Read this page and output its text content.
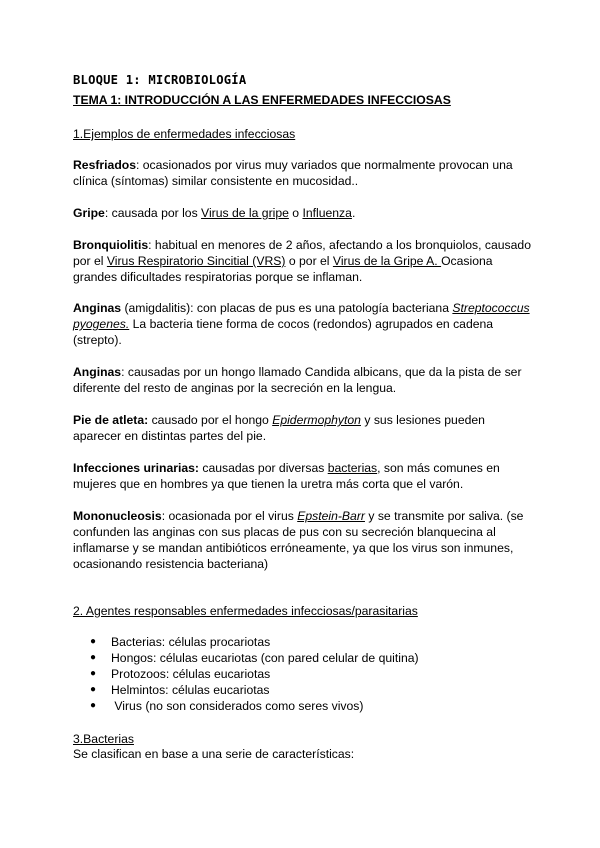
BLOQUE 1: MICROBIOLOGÍA
TEMA 1: INTRODUCCIÓN A LAS ENFERMEDADES INFECCIOSAS
1.Ejemplos de enfermedades infecciosas

Resfriados: ocasionados por virus muy variados que normalmente provocan una clínica (síntomas) similar consistente en mucosidad..

Gripe: causada por los Virus de la gripe o Influenza.

Bronquiolitis: habitual en menores de 2 años, afectando a los bronquiolos, causado por el Virus Respiratorio Sincitial (VRS) o por el Virus de la Gripe A. Ocasiona grandes dificultades respiratorias porque se inflaman.

Anginas (amigdalitis): con placas de pus es una patología bacteriana Streptococcus pyogenes. La bacteria tiene forma de cocos (redondos) agrupados en cadena (strepto).

Anginas: causadas por un hongo llamado Candida albicans, que da la pista de ser diferente del resto de anginas por la secreción en la lengua.

Pie de atleta: causado por el hongo Epidermophyton y sus lesiones pueden aparecer en distintas partes del pie.

Infecciones urinarias: causadas por diversas bacterias, son más comunes en mujeres que en hombres ya que tienen la uretra más corta que el varón.

Mononucleosis: ocasionada por el virus Epstein-Barr y se transmite por saliva. (se confunden las anginas con sus placas de pus con su secreción blanquecina al inflamarse y se mandan antibióticos erróneamente, ya que los virus son inmunes, ocasionando resistencia bacteriana)

2. Agentes responsables enfermedades infecciosas/parasitarias
● Bacterias: células procariotas
● Hongos: células eucariotas (con pared celular de quitina)
● Protozoos: células eucariotas
● Helmintos: células eucariotas
● Virus (no son considerados como seres vivos)
3.Bacterias
Se clasifican en base a una serie de características:
